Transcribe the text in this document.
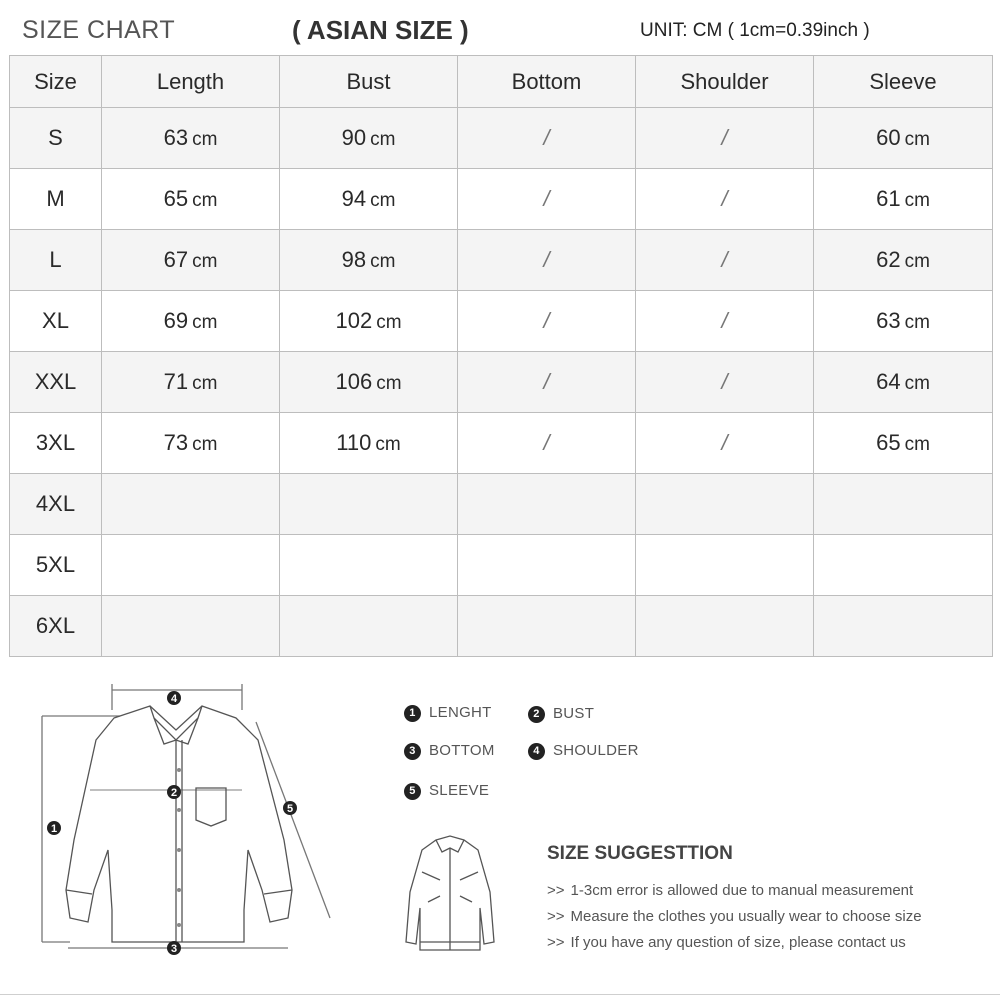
SIZE CHART	( ASIAN SIZE )	UNIT: CM ( 1cm=0.39inch )
Size	Length	Bust	Bottom	Shoulder	Sleeve
S	63 cm	90 cm	/	/	60 cm
M	65 cm	94 cm	/	/	61 cm
L	67 cm	98 cm	/	/	62 cm
XL	69 cm	102 cm	/	/	63 cm
XXL	71 cm	106 cm	/	/	64 cm
3XL	73 cm	110 cm	/	/	65 cm
4XL					
5XL					
6XL					
4
2
3
1
5
1 LENGHT	2 BUST
3 BOTTOM	4 SHOULDER
5 SLEEVE
SIZE SUGGESTTION
>> 1-3cm error is allowed due to manual measurement
>> Measure the clothes you usually wear to choose size
>> If you have any question of size, please contact us
